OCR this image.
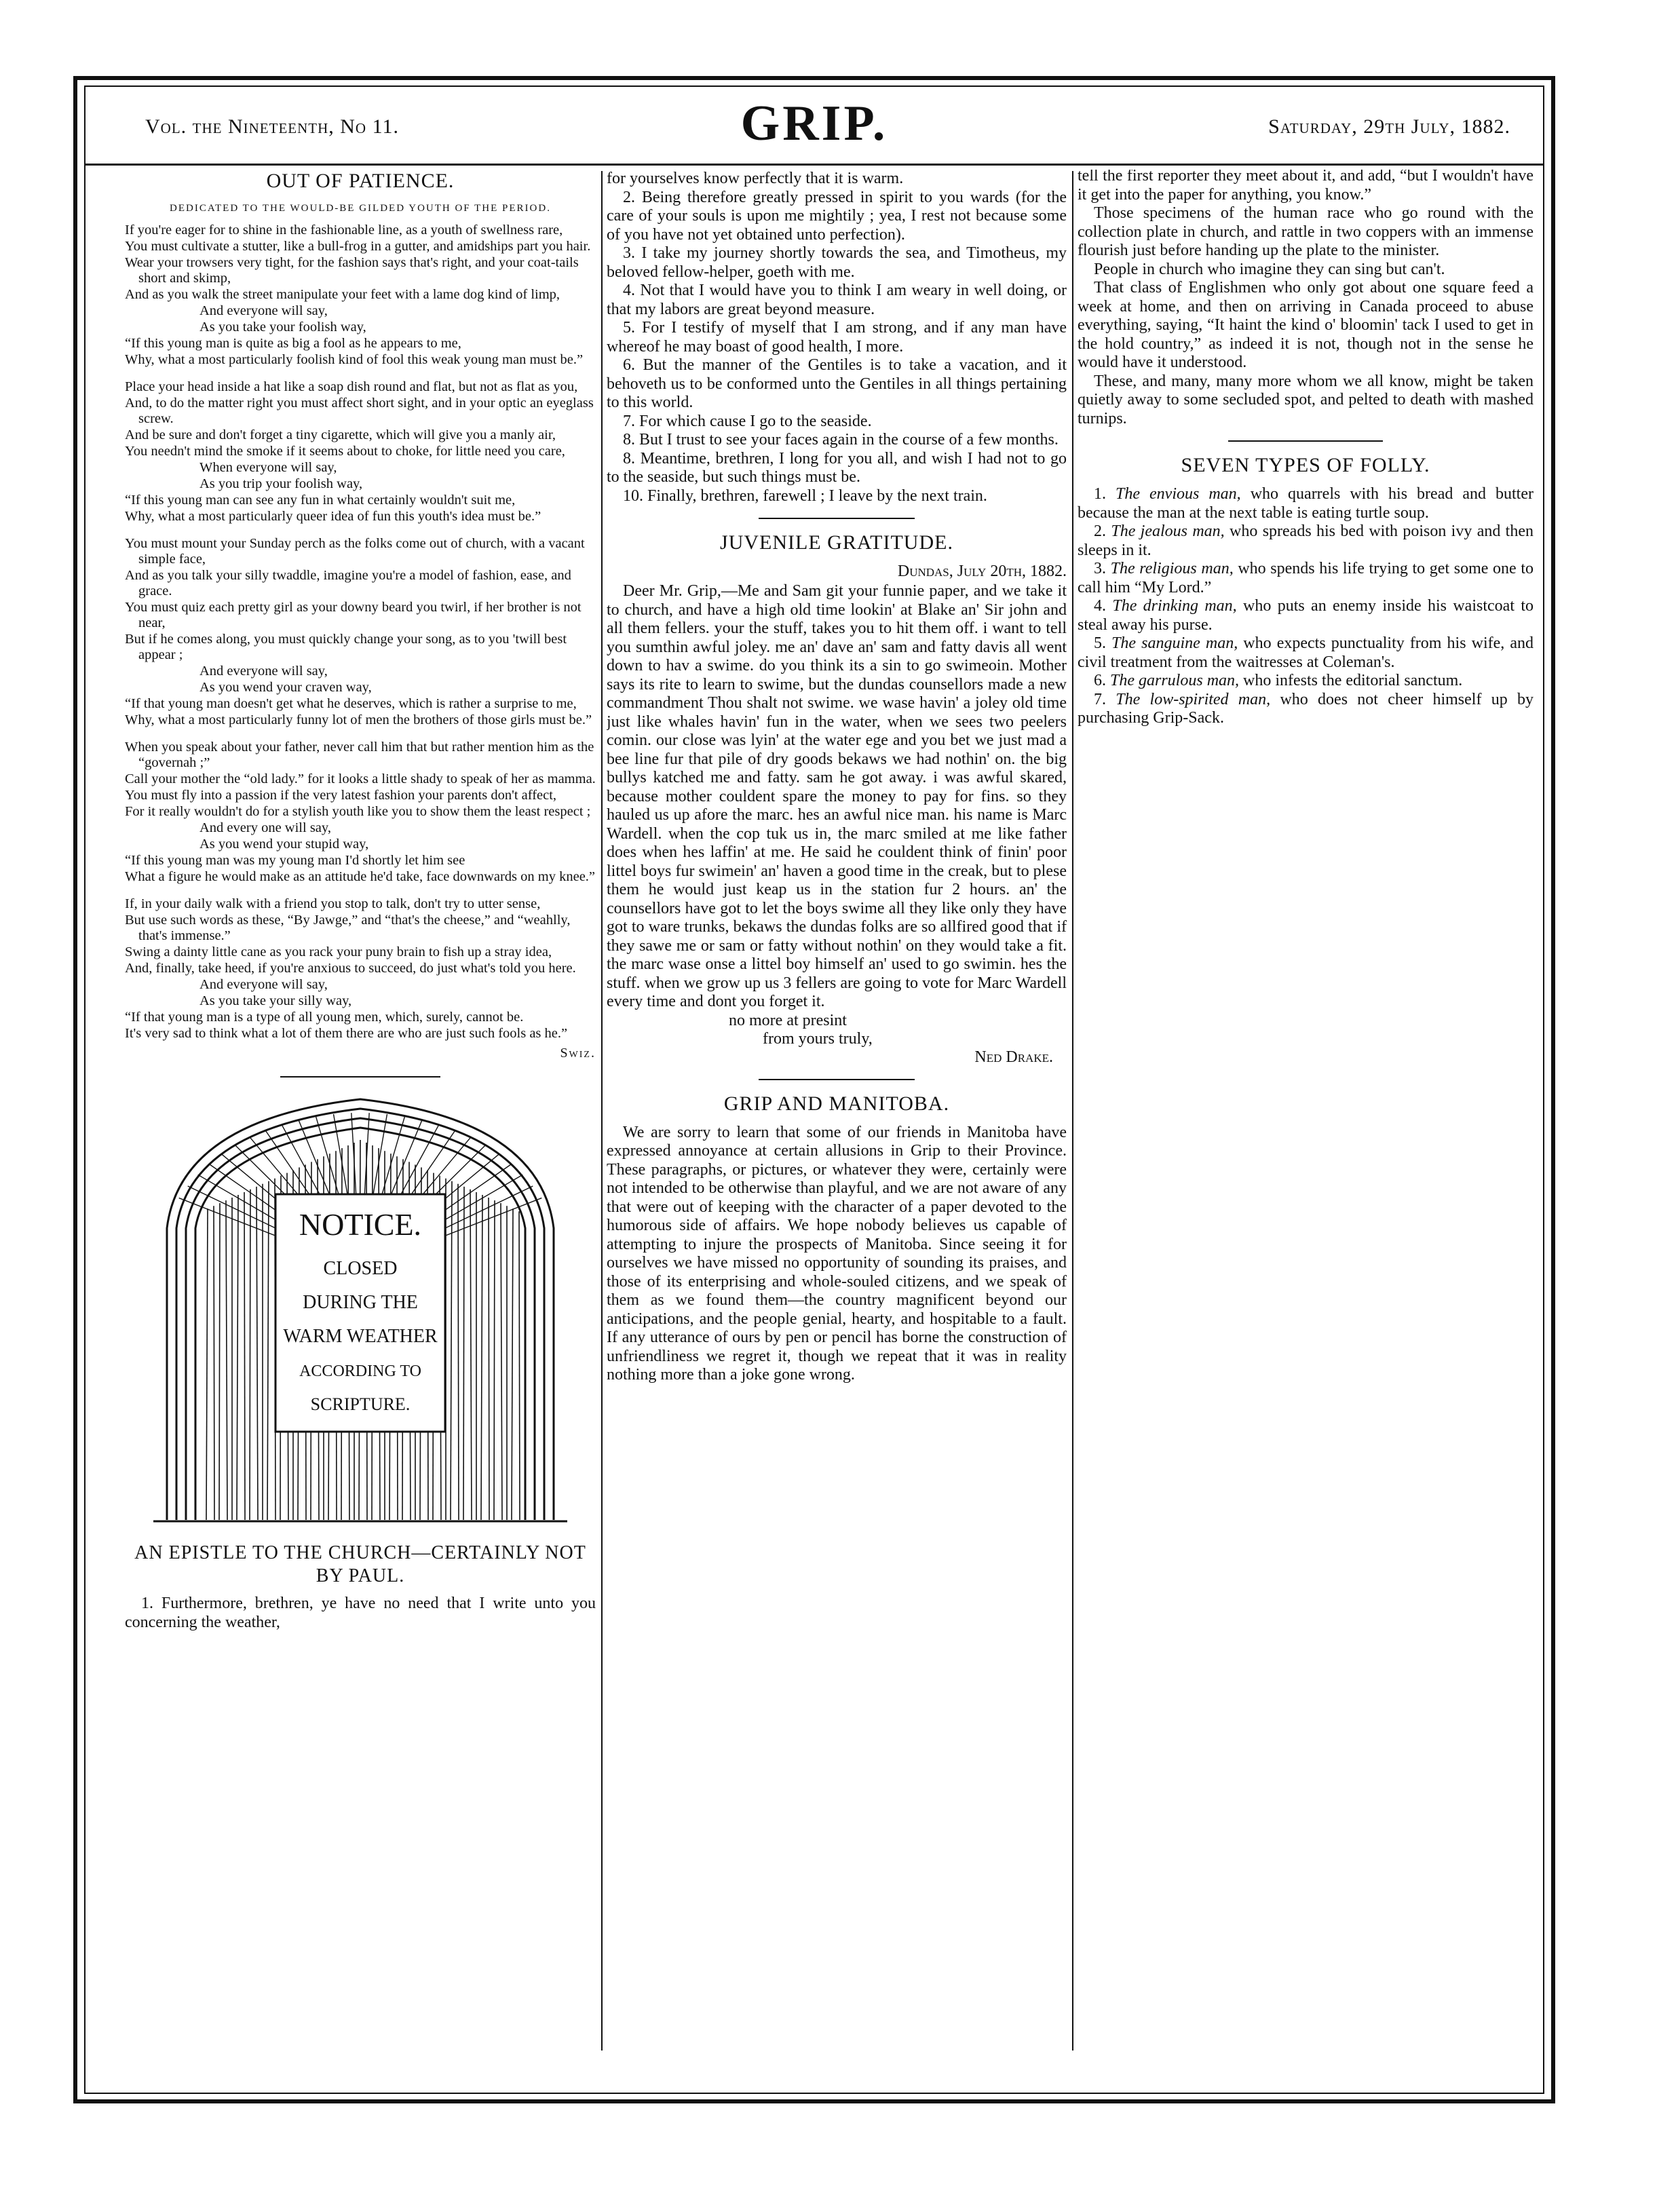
Vol. the Nineteenth, No 11.	GRIP.	Saturday, 29th July, 1882.
OUT OF PATIENCE.
DEDICATED TO THE WOULD-BE GILDED YOUTH OF THE PERIOD.

If you're eager for to shine in the fashionable line, as a youth of swellness rare,

You must cultivate a stutter, like a bull-frog in a gutter, and amidships part you hair.

Wear your trowsers very tight, for the fashion says that's right, and your coat-tails short and skimp,

And as you walk the street manipulate your feet with a lame dog kind of limp,

And everyone will say,

As you take your foolish way,

“If this young man is quite as big a fool as he appears to me,

Why, what a most particularly foolish kind of fool this weak young man must be.”

Place your head inside a hat like a soap dish round and flat, but not as flat as you,

And, to do the matter right you must affect short sight, and in your optic an eyeglass screw.

And be sure and don't forget a tiny cigarette, which will give you a manly air,

You needn't mind the smoke if it seems about to choke, for little need you care,

When everyone will say,

As you trip your foolish way,

“If this young man can see any fun in what certainly wouldn't suit me,

Why, what a most particularly queer idea of fun this youth's idea must be.”

You must mount your Sunday perch as the folks come out of church, with a vacant simple face,

And as you talk your silly twaddle, imagine you're a model of fashion, ease, and grace.

You must quiz each pretty girl as your downy beard you twirl, if her brother is not near,

But if he comes along, you must quickly change your song, as to you 'twill best appear ;

And everyone will say,

As you wend your craven way,

“If that young man doesn't get what he deserves, which is rather a surprise to me,

Why, what a most particularly funny lot of men the brothers of those girls must be.”

When you speak about your father, never call him that but rather mention him as the “governah ;”

Call your mother the “old lady.” for it looks a little shady to speak of her as mamma.

You must fly into a passion if the very latest fashion your parents don't affect,

For it really wouldn't do for a stylish youth like you to show them the least respect ;

And every one will say,

As you wend your stupid way,

“If this young man was my young man I'd shortly let him see

What a figure he would make as an attitude he'd take, face downwards on my knee.”

If, in your daily walk with a friend you stop to talk, don't try to utter sense,

But use such words as these, “By Jawge,” and “that's the cheese,” and “weahlly, that's immense.”

Swing a dainty little cane as you rack your puny brain to fish up a stray idea,

And, finally, take heed, if you're anxious to succeed, do just what's told you here.

And everyone will say,

As you take your silly way,

“If that young man is a type of all young men, which, surely, cannot be.

It's very sad to think what a lot of them there are who are just such fools as he.”

Swiz.
NOTICE.
CLOSED
DURING THE
WARM WEATHER
ACCORDING TO
SCRIPTURE.
AN EPISTLE TO THE CHURCH—CERTAINLY NOT BY PAUL.

1. Furthermore, brethren, ye have no need that I write unto you concerning the weather,

for yourselves know perfectly that it is warm.

2. Being therefore greatly pressed in spirit to you wards (for the care of your souls is upon me mightily ; yea, I rest not because some of you have not yet obtained unto perfection).

3. I take my journey shortly towards the sea, and Timotheus, my beloved fellow-helper, goeth with me.

4. Not that I would have you to think I am weary in well doing, or that my labors are great beyond measure.

5. For I testify of myself that I am strong, and if any man have whereof he may boast of good health, I more.

6. But the manner of the Gentiles is to take a vacation, and it behoveth us to be conformed unto the Gentiles in all things pertaining to this world.

7. For which cause I go to the seaside.

8. But I trust to see your faces again in the course of a few months.

8. Meantime, brethren, I long for you all, and wish I had not to go to the seaside, but such things must be.

10. Finally, brethren, farewell ; I leave by the next train.

JUVENILE GRATITUDE.
Dundas, July 20th, 1882.

Deer Mr. Grip,—Me and Sam git your funnie paper, and we take it to church, and have a high old time lookin' at Blake an' Sir john and all them fellers. your the stuff, takes you to hit them off. i want to tell you sumthin awful joley. me an' dave an' sam and fatty davis all went down to hav a swime. do you think its a sin to go swimeoin. Mother says its rite to learn to swime, but the dundas counsellors made a new commandment Thou shalt not swime. we wase havin' a joley old time just like whales havin' fun in the water, when we sees two peelers comin. our close was lyin' at the water ege and you bet we just mad a bee line fur that pile of dry goods bekaws we had nothin' on. the big bullys katched me and fatty. sam he got away. i was awful skared, because mother couldent spare the money to pay for fins. so they hauled us up afore the marc. hes an awful nice man. his name is Marc Wardell. when the cop tuk us in, the marc smiled at me like father does when hes laffin' at me. He said he couldent think of finin' poor littel boys fur swimein' an' haven a good time in the creak, but to plese them he would just keap us in the station fur 2 hours. an' the counsellors have got to let the boys swime all they like only they have got to ware trunks, bekaws the dundas folks are so allfired good that if they sawe me or sam or fatty without nothin' on they would take a fit. the marc wase onse a littel boy himself an' used to go swimin. hes the stuff. when we grow up us 3 fellers are going to vote for Marc Wardell every time and dont you forget it.

no more at presint
from yours truly,
Ned Drake.
GRIP AND MANITOBA.

We are sorry to learn that some of our friends in Manitoba have expressed annoyance at certain allusions in Grip to their Province. These paragraphs, or pictures, or whatever they were, certainly were not intended to be otherwise than playful, and we are not aware of any that were out of keeping with the character of a paper devoted to the humorous side of affairs. We hope nobody believes us capable of attempting to injure the prospects of Manitoba. Since seeing it for ourselves we have missed no opportunity of sounding its praises, and those of its enterprising and whole-souled citizens, and we speak of them as we found them—the country magnificent beyond our anticipations, and the people genial, hearty, and hospitable to a fault. If any utterance of ours by pen or pencil has borne the construction of unfriendliness we regret it, though we repeat that it was in reality nothing more than a joke gone wrong.

tell the first reporter they meet about it, and add, “but I wouldn't have it get into the paper for anything, you know.”

Those specimens of the human race who go round with the collection plate in church, and rattle in two coppers with an immense flourish just before handing up the plate to the minister.

People in church who imagine they can sing but can't.

That class of Englishmen who only got about one square feed a week at home, and then on arriving in Canada proceed to abuse everything, saying, “It haint the kind o' bloomin' tack I used to get in the hold country,” as indeed it is not, though not in the sense he would have it understood.

These, and many, many more whom we all know, might be taken quietly away to some secluded spot, and pelted to death with mashed turnips.

SEVEN TYPES OF FOLLY.

1. The envious man, who quarrels with his bread and butter because the man at the next table is eating turtle soup.

2. The jealous man, who spreads his bed with poison ivy and then sleeps in it.

3. The religious man, who spends his life trying to get some one to call him “My Lord.”

4. The drinking man, who puts an enemy inside his waistcoat to steal away his purse.

5. The sanguine man, who expects punctuality from his wife, and civil treatment from the waitresses at Coleman's.

6. The garrulous man, who infests the editorial sanctum.

7. The low-spirited man, who does not cheer himself up by purchasing Grip-Sack.
